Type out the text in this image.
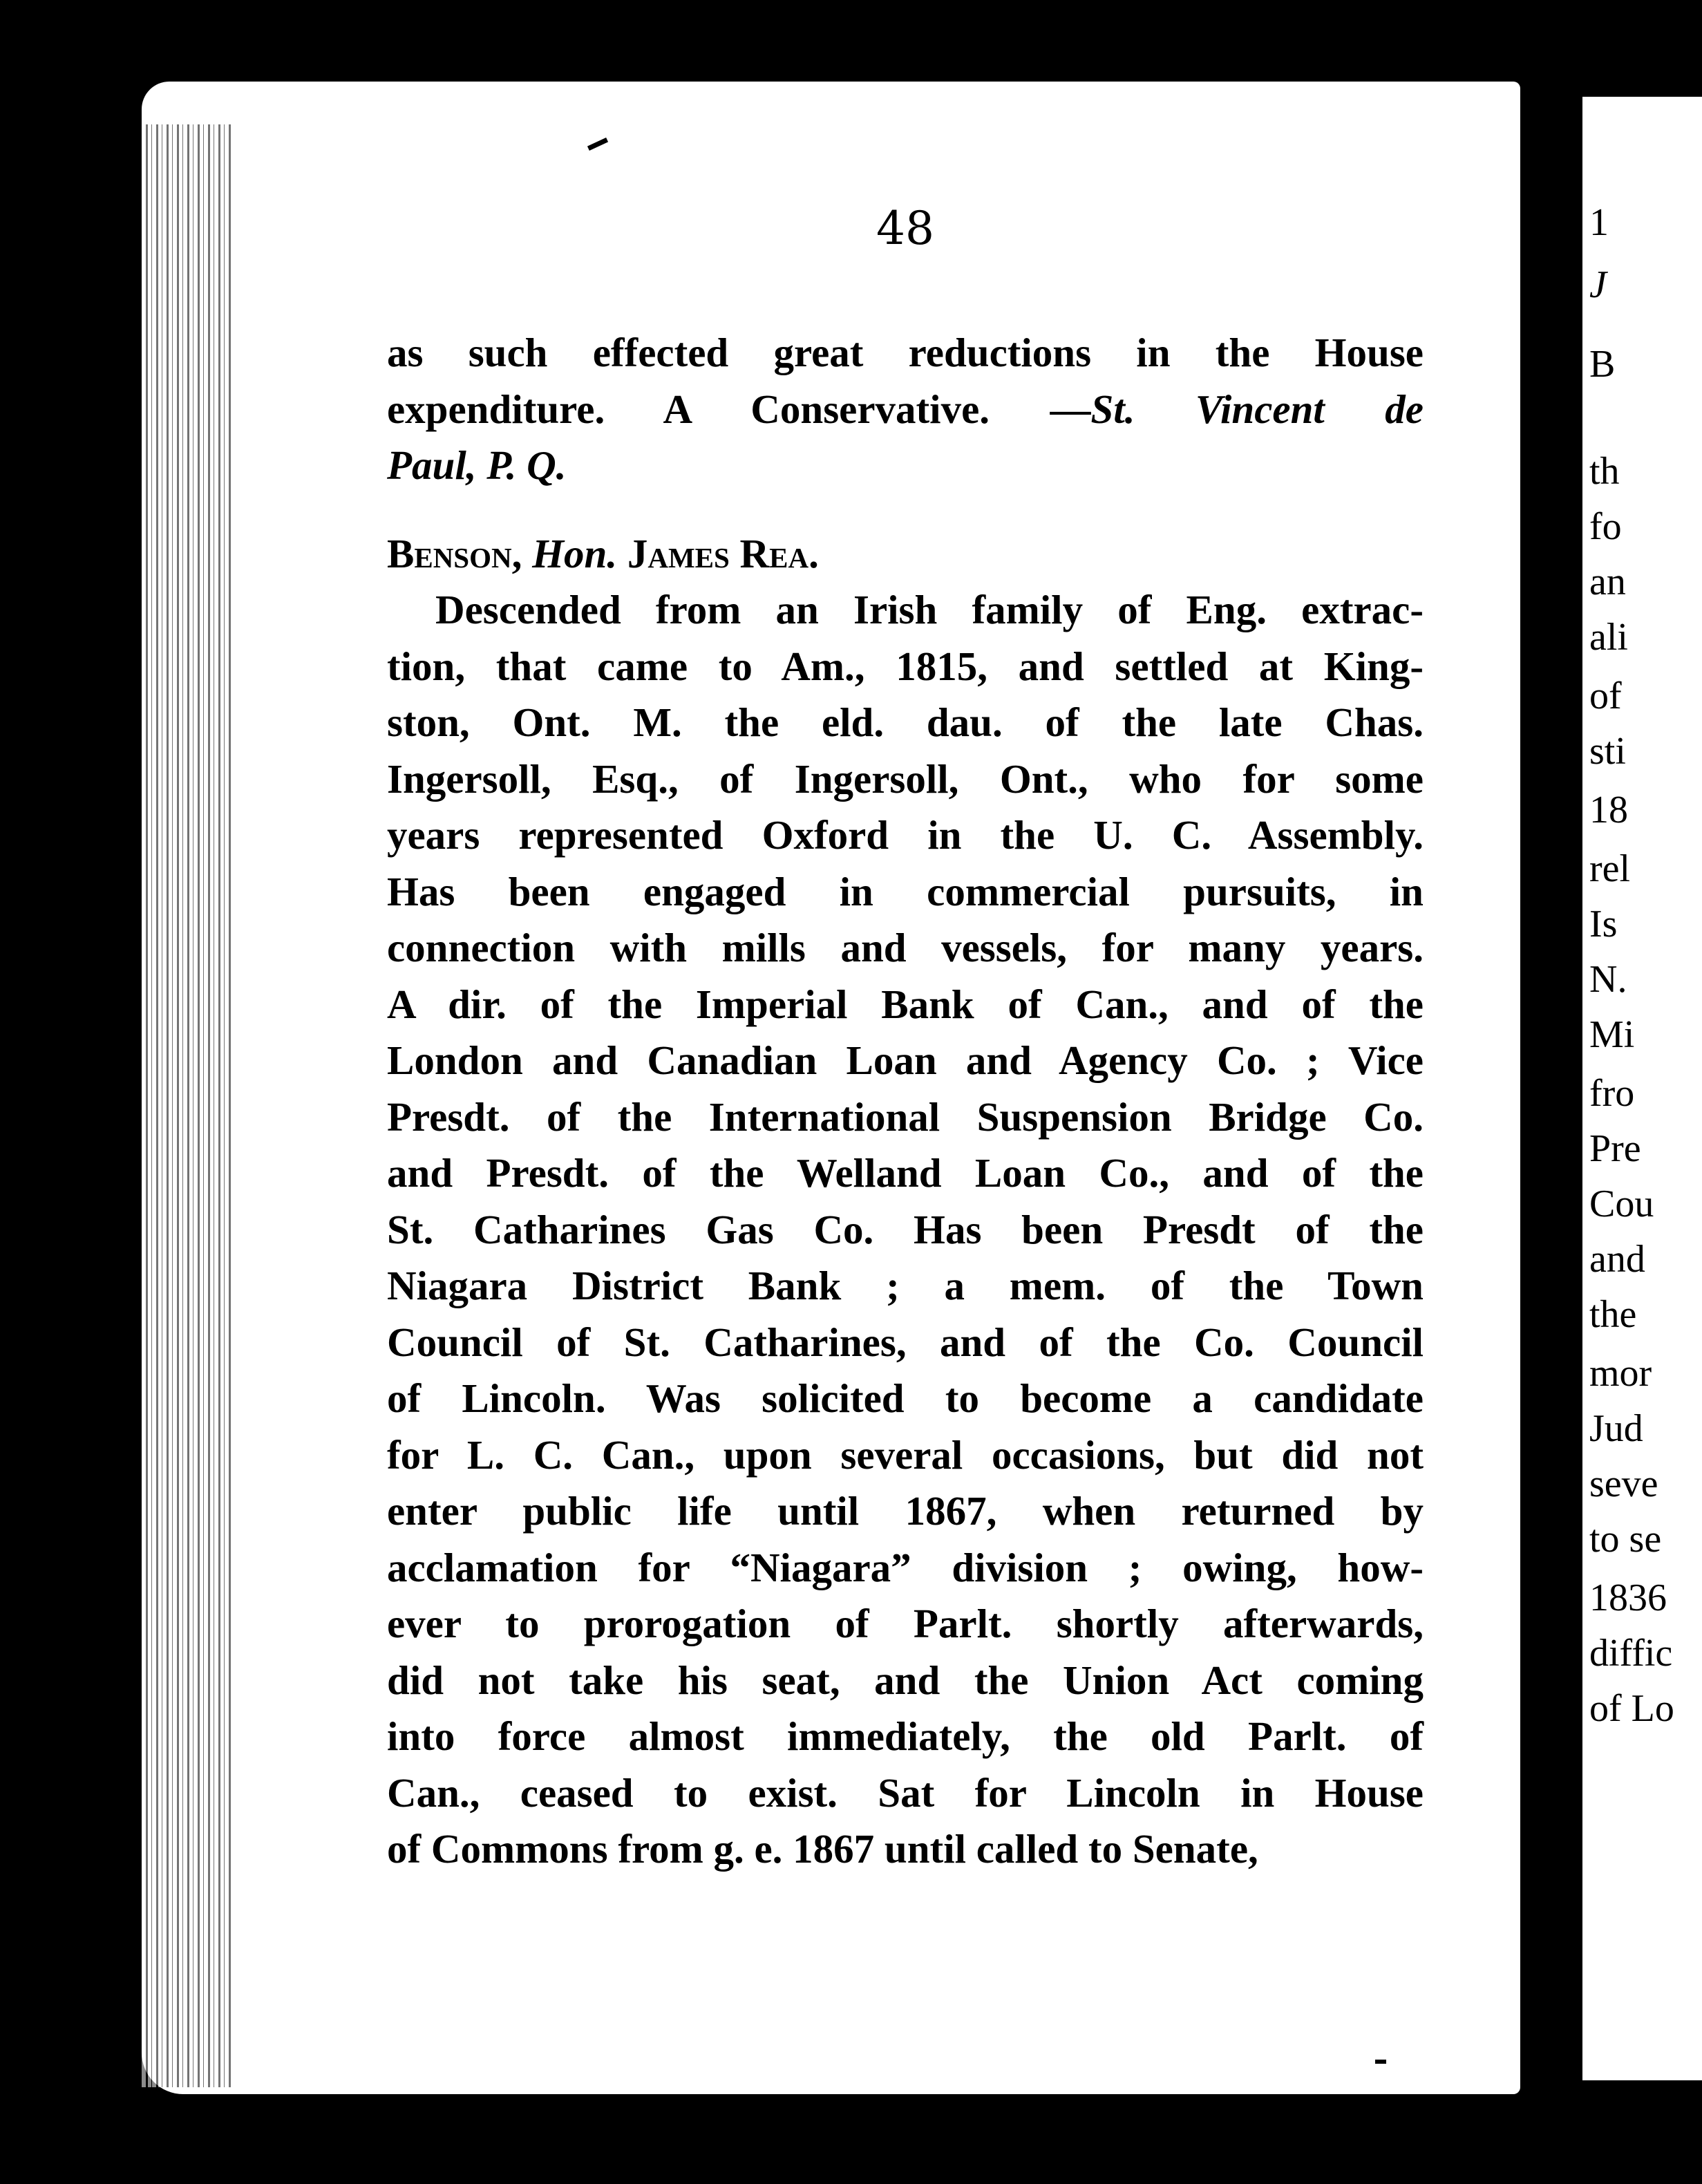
1
J
B
th
fo
an
ali
of
sti
18
rel
Is
N.
Mi
fro
Pre
Cou
and
the
mor
Jud
seve
to se
1836
diffic
of Lo
48
as such effected great reductions in the House
expenditure. A Conservative. —St. Vincent de
Paul, P. Q.
Benson, Hon. James Rea.
Descended from an Irish family of Eng. extrac-
tion, that came to Am., 1815, and settled at King-
ston, Ont. M. the eld. dau. of the late Chas.
Ingersoll, Esq., of Ingersoll, Ont., who for some
years represented Oxford in the U. C. Assembly.
Has been engaged in commercial pursuits, in
connection with mills and vessels, for many years.
A dir. of the Imperial Bank of Can., and of the
London and Canadian Loan and Agency Co. ; Vice
Presdt. of the International Suspension Bridge Co.
and Presdt. of the Welland Loan Co., and of the
St. Catharines Gas Co. Has been Presdt of the
Niagara District Bank ; a mem. of the Town
Council of St. Catharines, and of the Co. Council
of Lincoln. Was solicited to become a candidate
for L. C. Can., upon several occasions, but did not
enter public life until 1867, when returned by
acclamation for “Niagara” division ; owing, how-
ever to prorogation of Parlt. shortly afterwards,
did not take his seat, and the Union Act coming
into force almost immediately, the old Parlt. of
Can., ceased to exist. Sat for Lincoln in House
of Commons from g. e. 1867 until called to Senate,
